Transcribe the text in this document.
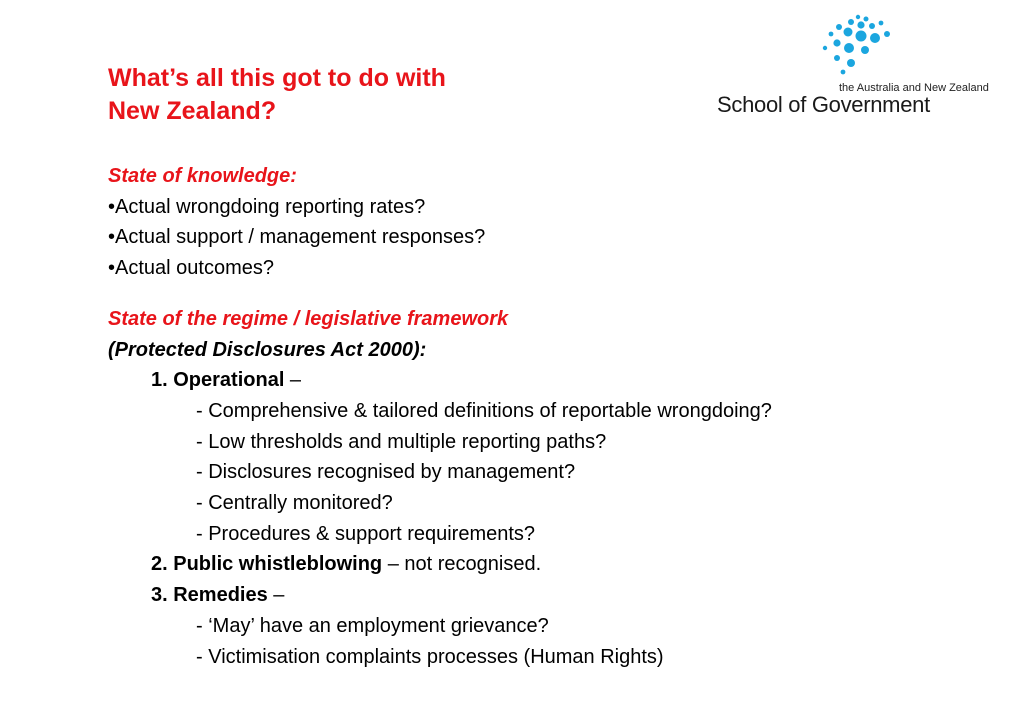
the Australia and New Zealand
School of Government
What’s all this got to do with
New Zealand?
State of knowledge:
•Actual wrongdoing reporting rates?
•Actual support / management responses?
•Actual outcomes?
State of the regime / legislative framework
(Protected Disclosures Act 2000):
1. Operational –
- Comprehensive & tailored definitions of reportable wrongdoing?
- Low thresholds and multiple reporting paths?
- Disclosures recognised by management?
- Centrally monitored?
- Procedures & support requirements?
2. Public whistleblowing – not recognised.
3. Remedies –
- ‘May’ have an employment grievance?
- Victimisation complaints processes (Human Rights)
